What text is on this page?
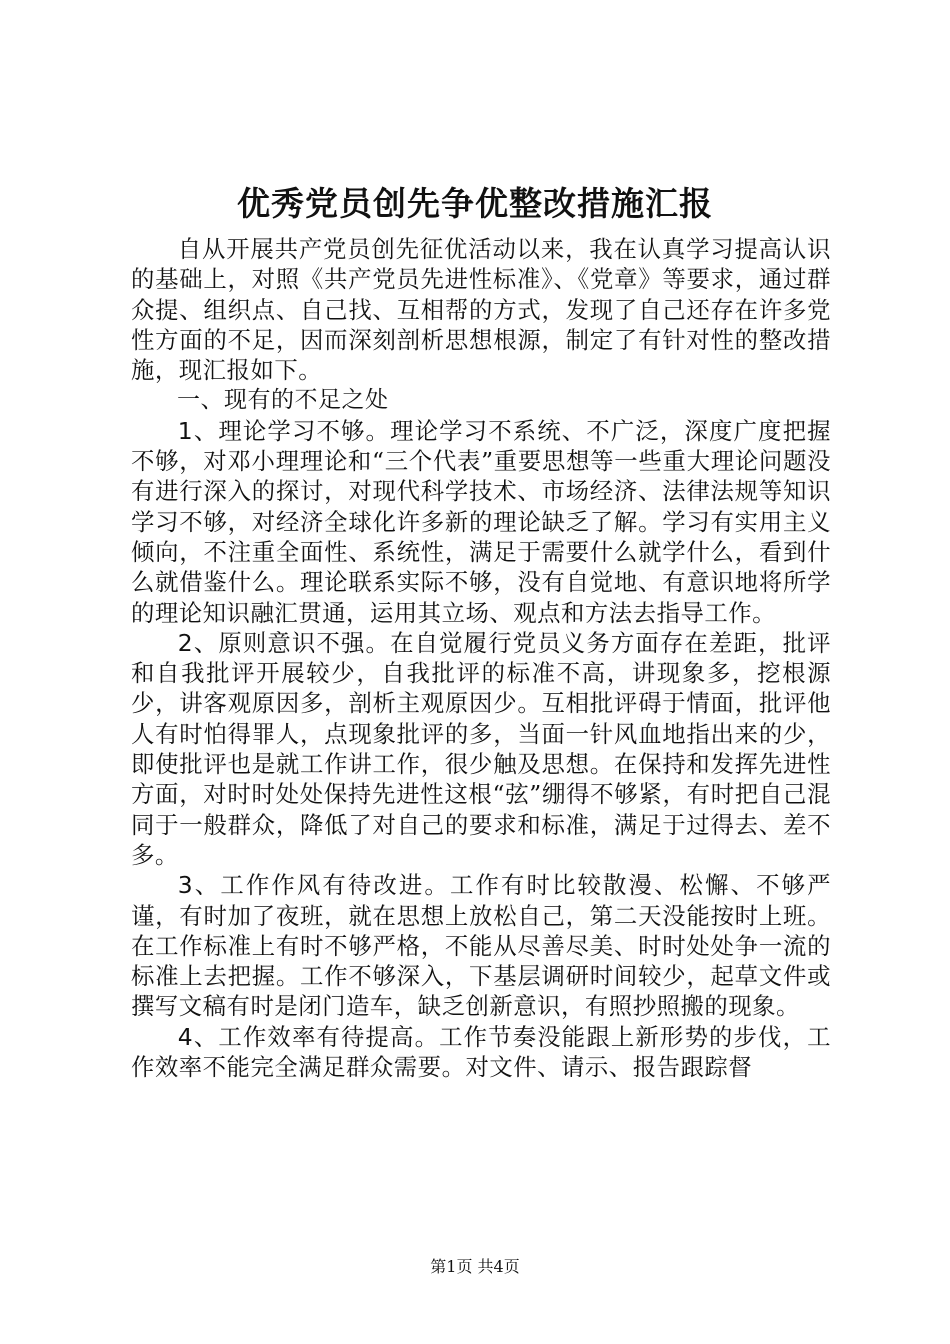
优秀党员创先争优整改措施汇报

自从开展共产党员创先征优活动以来，我在认真学习提高认识的基础上，对照《共产党员先进性标准》、《党章》等要求，通过群众提、组织点、自己找、互相帮的方式，发现了自己还存在许多党性方面的不足，因而深刻剖析思想根源，制定了有针对性的整改措施，现汇报如下。

一、现有的不足之处

1、理论学习不够。理论学习不系统、不广泛，深度广度把握不够，对邓小理理论和“三个代表”重要思想等一些重大理论问题没有进行深入的探讨，对现代科学技术、市场经济、法律法规等知识学习不够，对经济全球化许多新的理论缺乏了解。学习有实用主义倾向，不注重全面性、系统性，满足于需要什么就学什么，看到什么就借鉴什么。理论联系实际不够，没有自觉地、有意识地将所学的理论知识融汇贯通，运用其立场、观点和方法去指导工作。

2、原则意识不强。在自觉履行党员义务方面存在差距，批评和自我批评开展较少，自我批评的标准不高，讲现象多，挖根源少，讲客观原因多，剖析主观原因少。互相批评碍于情面，批评他人有时怕得罪人，点现象批评的多，当面一针风血地指出来的少，即使批评也是就工作讲工作，很少触及思想。在保持和发挥先进性方面，对时时处处保持先进性这根“弦”绷得不够紧，有时把自己混同于一般群众，降低了对自己的要求和标准，满足于过得去、差不多。

3、工作作风有待改进。工作有时比较散漫、松懈、不够严谨，有时加了夜班，就在思想上放松自己，第二天没能按时上班。在工作标准上有时不够严格，不能从尽善尽美、时时处处争一流的标准上去把握。工作不够深入，下基层调研时间较少，起草文件或撰写文稿有时是闭门造车，缺乏创新意识，有照抄照搬的现象。

4、工作效率有待提高。工作节奏没能跟上新形势的步伐，工作效率不能完全满足群众需要。对文件、请示、报告跟踪督

第1页 共4页
